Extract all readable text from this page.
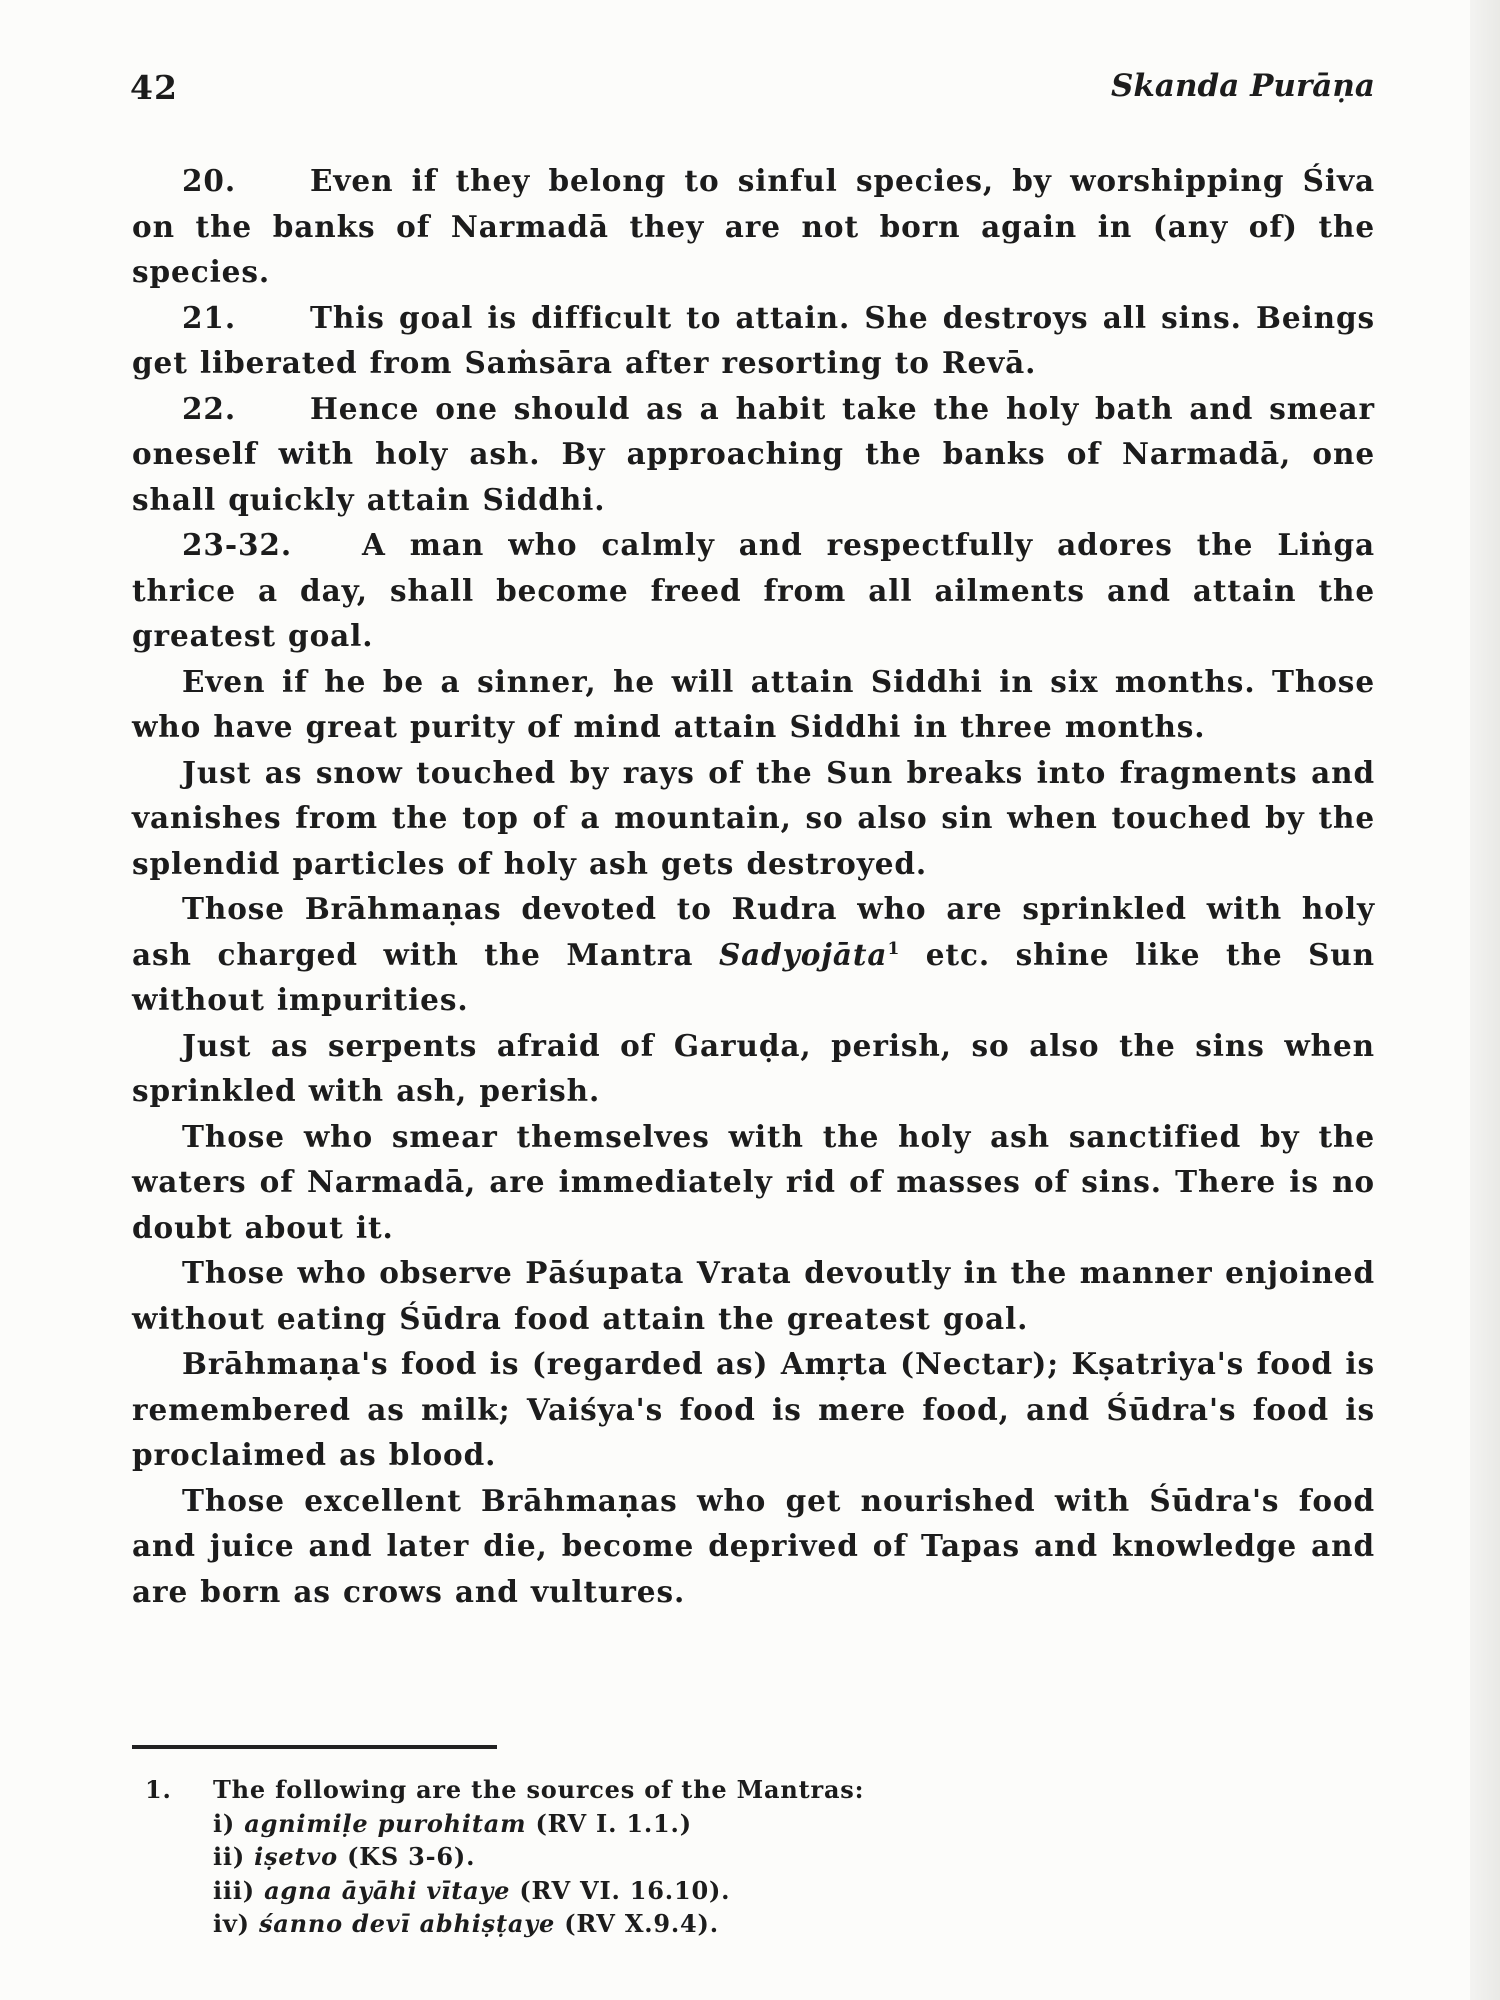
42	Skanda Purāṇa

20.	Even if they belong to sinful species, by worshipping Śiva on the banks of Narmadā they are not born again in (any of) the species.

21.	This goal is difficult to attain. She destroys all sins. Beings get liberated from Saṁsāra after resorting to Revā.

22.	Hence one should as a habit take the holy bath and smear oneself with holy ash. By approaching the banks of Narmadā, one shall quickly attain Siddhi.

23-32. A man who calmly and respectfully adores the Liṅga thrice a day, shall become freed from all ailments and attain the greatest goal.

Even if he be a sinner, he will attain Siddhi in six months. Those who have great purity of mind attain Siddhi in three months.

Just as snow touched by rays of the Sun breaks into fragments and vanishes from the top of a mountain, so also sin when touched by the splendid particles of holy ash gets destroyed.

Those Brāhmaṇas devoted to Rudra who are sprinkled with holy ash charged with the Mantra Sadyojāta$^1$ etc. shine like the Sun without impurities.

Just as serpents afraid of Garuḍa, perish, so also the sins when sprinkled with ash, perish.

Those who smear themselves with the holy ash sanctified by the waters of Narmadā, are immediately rid of masses of sins. There is no doubt about it.

Those who observe Pāśupata Vrata devoutly in the manner enjoined without eating Śūdra food attain the greatest goal.

Brāhmaṇa's food is (regarded as) Amṛta (Nectar); Kṣatriya's food is remembered as milk; Vaiśya's food is mere food, and Śūdra's food is proclaimed as blood.

Those excellent Brāhmaṇas who get nourished with Śūdra's food and juice and later die, become deprived of Tapas and knowledge and are born as crows and vultures.

1.	The following are the sources of the Mantras:
i) agnimiḷe purohitam (RV I. 1.1.)
ii) iṣetvo (KS 3-6).
iii) agna āyāhi vītaye (RV VI. 16.10).
iv) śanno devī abhiṣṭaye (RV X.9.4).
